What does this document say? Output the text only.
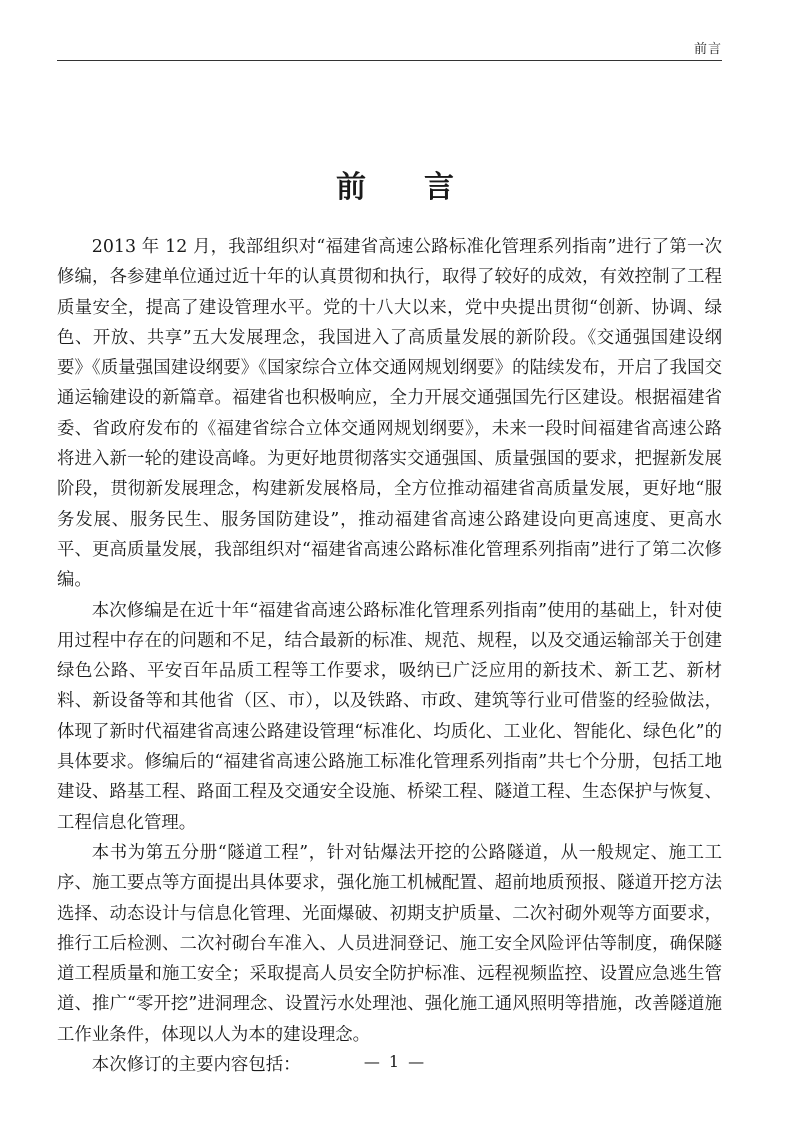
前言
前言

2013 年 12 月，我部组织对“福建省高速公路标准化管理系列指南”进行了第一次修编，各参建单位通过近十年的认真贯彻和执行，取得了较好的成效，有效控制了工程质量安全，提高了建设管理水平。党的十八大以来，党中央提出贯彻“创新、协调、绿色、开放、共享”五大发展理念，我国进入了高质量发展的新阶段。《交通强国建设纲要》《质量强国建设纲要》《国家综合立体交通网规划纲要》的陆续发布，开启了我国交通运输建设的新篇章。福建省也积极响应，全力开展交通强国先行区建设。根据福建省委、省政府发布的《福建省综合立体交通网规划纲要》，未来一段时间福建省高速公路将进入新一轮的建设高峰。为更好地贯彻落实交通强国、质量强国的要求，把握新发展阶段，贯彻新发展理念，构建新发展格局，全方位推动福建省高质量发展，更好地“服务发展、服务民生、服务国防建设”，推动福建省高速公路建设向更高速度、更高水平、更高质量发展，我部组织对“福建省高速公路标准化管理系列指南”进行了第二次修编。

本次修编是在近十年“福建省高速公路标准化管理系列指南”使用的基础上，针对使用过程中存在的问题和不足，结合最新的标准、规范、规程，以及交通运输部关于创建绿色公路、平安百年品质工程等工作要求，吸纳已广泛应用的新技术、新工艺、新材料、新设备等和其他省（区、市），以及铁路、市政、建筑等行业可借鉴的经验做法，体现了新时代福建省高速公路建设管理“标准化、均质化、工业化、智能化、绿色化”的具体要求。修编后的“福建省高速公路施工标准化管理系列指南”共七个分册，包括工地建设、路基工程、路面工程及交通安全设施、桥梁工程、隧道工程、生态保护与恢复、工程信息化管理。

本书为第五分册“隧道工程”，针对钻爆法开挖的公路隧道，从一般规定、施工工序、施工要点等方面提出具体要求，强化施工机械配置、超前地质预报、隧道开挖方法选择、动态设计与信息化管理、光面爆破、初期支护质量、二次衬砌外观等方面要求，推行工后检测、二次衬砌台车准入、人员进洞登记、施工安全风险评估等制度，确保隧道工程质量和施工安全；采取提高人员安全防护标准、远程视频监控、设置应急逃生管道、推广“零开挖”进洞理念、设置污水处理池、强化施工通风照明等措施，改善隧道施工作业条件，体现以人为本的建设理念。

本次修订的主要内容包括：	— 1 —
